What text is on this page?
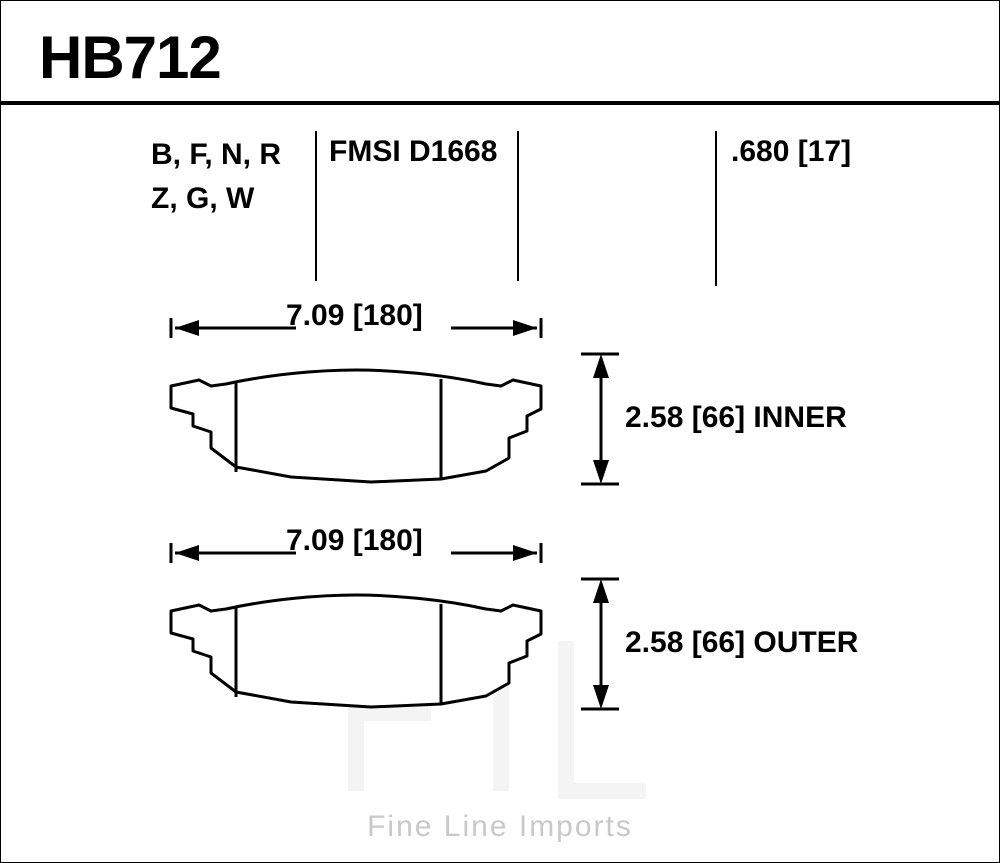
HB712
B, F, N, R
Z, G, W
FMSI D1668	.680 [17]
7.09 [180]
2.58 [66] INNER
7.09 [180]
2.58 [66] OUTER
Fine Line Imports
